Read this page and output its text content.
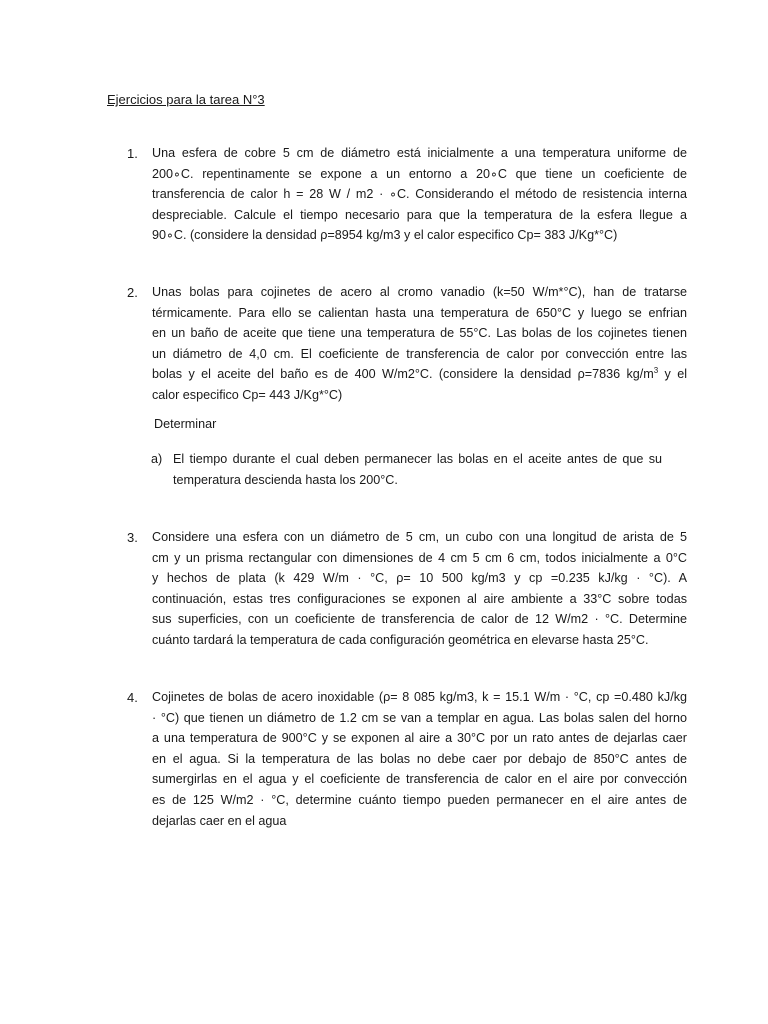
Ejercicios para la tarea N°3
1. Una esfera de cobre 5 cm de diámetro está inicialmente a una temperatura uniforme de
200∘C. repentinamente se expone a un entorno a 20∘C que tiene un coeficiente de
transferencia de calor h = 28 W / m2 · ∘C. Considerando el método de resistencia interna
despreciable. Calcule el tiempo necesario para que la temperatura de la esfera llegue a
90∘C. (considere la densidad ρ=8954 kg/m3 y el calor especifico Cp= 383 J/Kg*°C)
2. Unas bolas para cojinetes de acero al cromo vanadio (k=50 W/m*°C), han de tratarse
térmicamente. Para ello se calientan hasta una temperatura de 650°C y luego se enfrian
en un baño de aceite que tiene una temperatura de 55°C. Las bolas de los cojinetes tienen
un diámetro de 4,0 cm. El coeficiente de transferencia de calor por convección entre las
bolas y el aceite del baño es de 400 W/m2°C. (considere la densidad ρ=7836 $kg/m^3$ y el
calor especifico Cp= 443 J/Kg*°C)
Determinar
a) El tiempo durante el cual deben permanecer las bolas en el aceite antes de que su
temperatura descienda hasta los 200°C.
3. Considere una esfera con un diámetro de 5 cm, un cubo con una longitud de arista de 5
cm y un prisma rectangular con dimensiones de 4 cm 5 cm 6 cm, todos inicialmente a 0°C
y hechos de plata (k 429 W/m · °C, ρ= 10 500 kg/m3 y cp =0.235 kJ/kg · °C). A
continuación, estas tres configuraciones se exponen al aire ambiente a 33°C sobre todas
sus superficies, con un coeficiente de transferencia de calor de 12 W/m2 · °C. Determine
cuánto tardará la temperatura de cada configuración geométrica en elevarse hasta 25°C.
4. Cojinetes de bolas de acero inoxidable (ρ= 8 085 kg/m3, k = 15.1 W/m · °C, cp =0.480 kJ/kg
· °C) que tienen un diámetro de 1.2 cm se van a templar en agua. Las bolas salen del horno
a una temperatura de 900°C y se exponen al aire a 30°C por un rato antes de dejarlas caer
en el agua. Si la temperatura de las bolas no debe caer por debajo de 850°C antes de
sumergirlas en el agua y el coeficiente de transferencia de calor en el aire por convección
es de 125 W/m2 · °C, determine cuánto tiempo pueden permanecer en el aire antes de
dejarlas caer en el agua
